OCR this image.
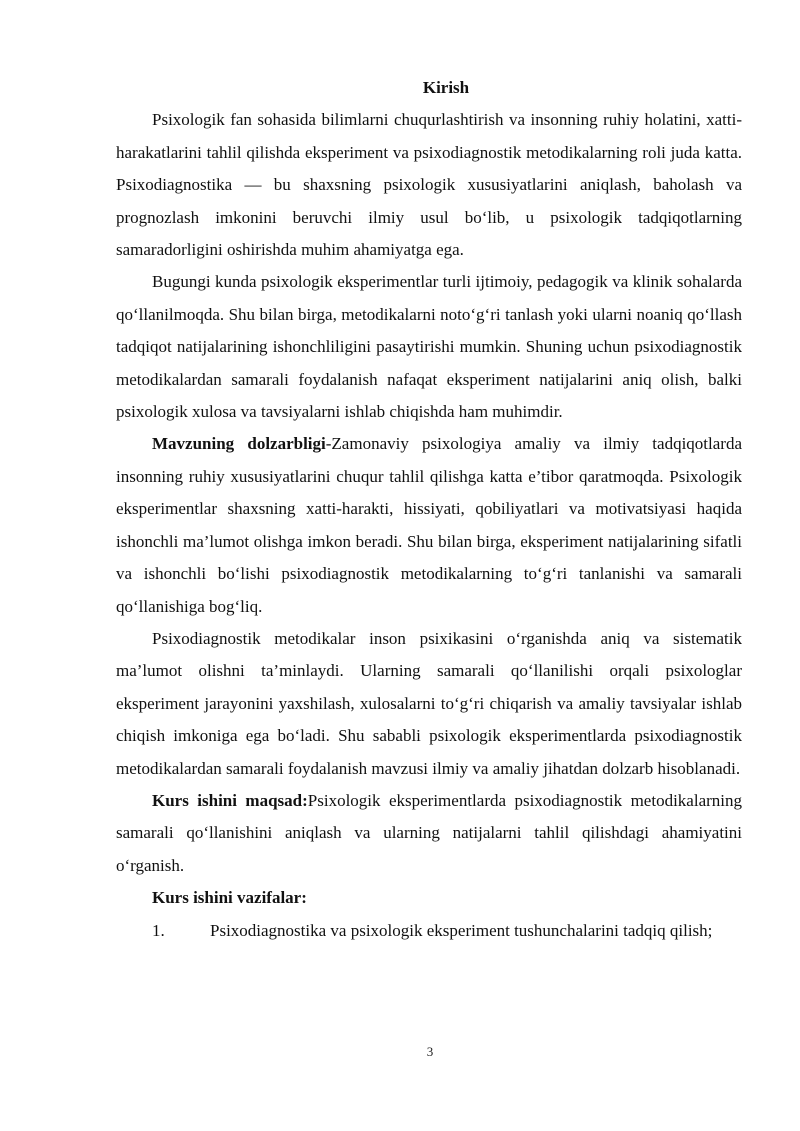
Kirish

Psixologik fan sohasida bilimlarni chuqurlashtirish va insonning ruhiy holatini, xatti-harakatlarini tahlil qilishda eksperiment va psixodiagnostik metodikalarning roli juda katta. Psixodiagnostika — bu shaxsning psixologik xususiyatlarini aniqlash, baholash va prognozlash imkonini beruvchi ilmiy usul bo‘lib, u psixologik tadqiqotlarning samaradorligini oshirishda muhim ahamiyatga ega.

Bugungi kunda psixologik eksperimentlar turli ijtimoiy, pedagogik va klinik sohalarda qo‘llanilmoqda. Shu bilan birga, metodikalarni noto‘g‘ri tanlash yoki ularni noaniq qo‘llash tadqiqot natijalarining ishonchliligini pasaytirishi mumkin. Shuning uchun psixodiagnostik metodikalardan samarali foydalanish nafaqat eksperiment natijalarini aniq olish, balki psixologik xulosa va tavsiyalarni ishlab chiqishda ham muhimdir.

Mavzuning dolzarbligi-Zamonaviy psixologiya amaliy va ilmiy tadqiqotlarda insonning ruhiy xususiyatlarini chuqur tahlil qilishga katta e’tibor qaratmoqda. Psixologik eksperimentlar shaxsning xatti-harakti, hissiyati, qobiliyatlari va motivatsiyasi haqida ishonchli ma’lumot olishga imkon beradi. Shu bilan birga, eksperiment natijalarining sifatli va ishonchli bo‘lishi psixodiagnostik metodikalarning to‘g‘ri tanlanishi va samarali qo‘llanishiga bog‘liq.

Psixodiagnostik metodikalar inson psixikasini o‘rganishda aniq va sistematik ma’lumot olishni ta’minlaydi. Ularning samarali qo‘llanilishi orqali psixologlar eksperiment jarayonini yaxshilash, xulosalarni to‘g‘ri chiqarish va amaliy tavsiyalar ishlab chiqish imkoniga ega bo‘ladi. Shu sababli psixologik eksperimentlarda psixodiagnostik metodikalardan samarali foydalanish mavzusi ilmiy va amaliy jihatdan dolzarb hisoblanadi.

Kurs ishini maqsad:Psixologik eksperimentlarda psixodiagnostik metodikalarning samarali qo‘llanishini aniqlash va ularning natijalarni tahlil qilishdagi ahamiyatini o‘rganish.

Kurs ishini vazifalar:

1.	Psixodiagnostika va psixologik eksperiment tushunchalarini tadqiq qilish;

3
